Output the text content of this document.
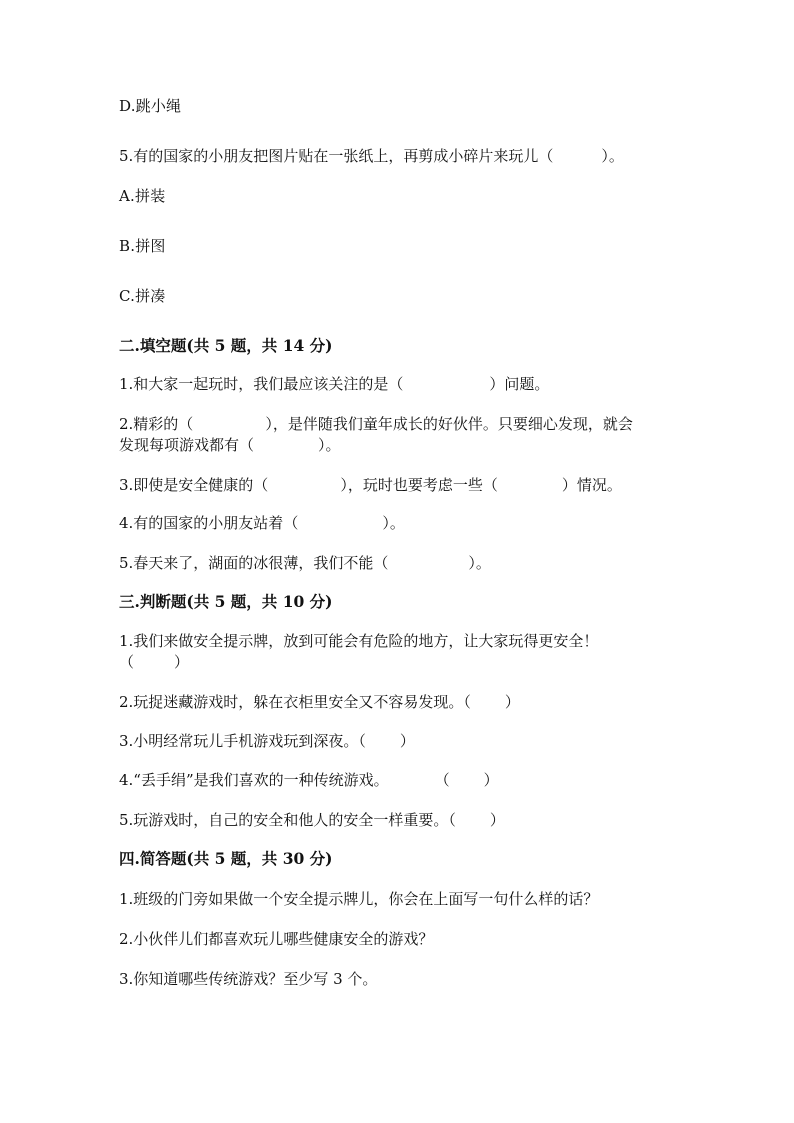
D.跳小绳
5.有的国家的小朋友把图片贴在一张纸上，再剪成小碎片来玩儿（	）。
A.拼装
B.拼图
C.拼凑
二.填空题(共 5 题，共 14 分)
1.和大家一起玩时，我们最应该关注的是（	）问题。
2.精彩的（	），是伴随我们童年成长的好伙伴。只要细心发现，就会
发现每项游戏都有（	）。
3.即使是安全健康的（	），玩时也要考虑一些（	）情况。
4.有的国家的小朋友站着（	）。
5.春天来了，湖面的冰很薄，我们不能（	）。
三.判断题(共 5 题，共 10 分)
1.我们来做安全提示牌，放到可能会有危险的地方，让大家玩得更安全！
（	）
2.玩捉迷藏游戏时，躲在衣柜里安全又不容易发现。（ ）
3.小明经常玩儿手机游戏玩到深夜。（ ）
4.“丢手绢”是我们喜欢的一种传统游戏。	（ ）
5.玩游戏时，自己的安全和他人的安全一样重要。（ ）
四.简答题(共 5 题，共 30 分)
1.班级的门旁如果做一个安全提示牌儿，你会在上面写一句什么样的话？
2.小伙伴儿们都喜欢玩儿哪些健康安全的游戏？
3.你知道哪些传统游戏？至少写 3 个。
